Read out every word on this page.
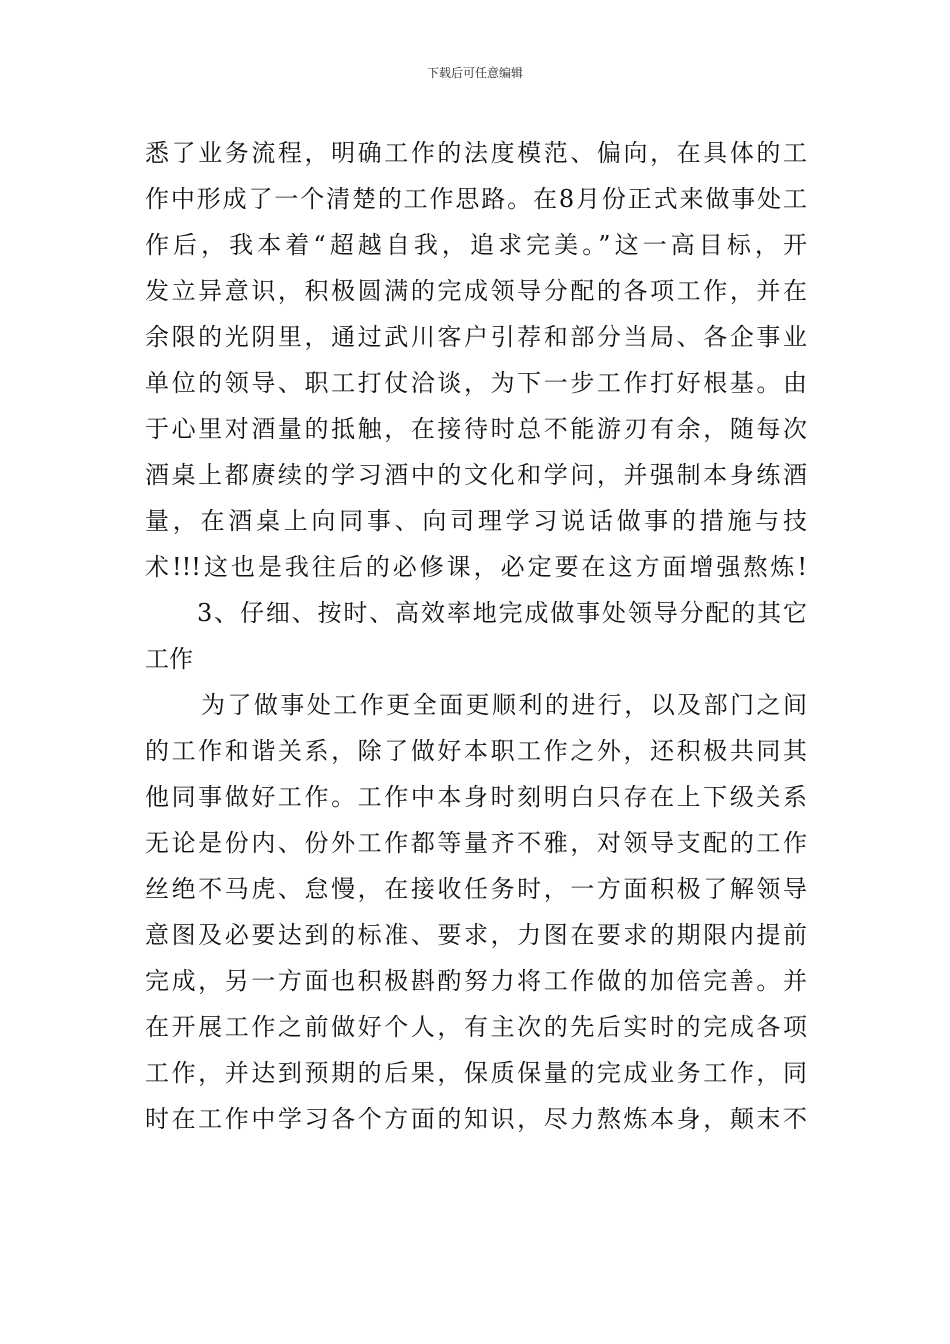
下载后可任意编辑
悉了业务流程，明确工作的法度模范、偏向，在具体的工
作中形成了一个清楚的工作思路。在8月份正式来做事处工
作后，我本着“超越自我，追求完美。”这一高目标，开
发立异意识，积极圆满的完成领导分配的各项工作，并在
余限的光阴里，通过武川客户引荐和部分当局、各企事业
单位的领导、职工打仗洽谈，为下一步工作打好根基。由
于心里对酒量的抵触，在接待时总不能游刃有余，随每次
酒桌上都赓续的学习酒中的文化和学问，并强制本身练酒
量，在酒桌上向同事、向司理学习说话做事的措施与技
术!!!这也是我往后的必修课，必定要在这方面增强熬炼!
3、仔细、按时、高效率地完成做事处领导分配的其它
工作
为了做事处工作更全面更顺利的进行，以及部门之间
的工作和谐关系，除了做好本职工作之外，还积极共同其
他同事做好工作。工作中本身时刻明白只存在上下级关系
无论是份内、份外工作都等量齐不雅，对领导支配的工作
丝绝不马虎、怠慢，在接收任务时，一方面积极了解领导
意图及必要达到的标准、要求，力图在要求的期限内提前
完成，另一方面也积极斟酌努力将工作做的加倍完善。并
在开展工作之前做好个人，有主次的先后实时的完成各项
工作，并达到预期的后果，保质保量的完成业务工作，同
时在工作中学习各个方面的知识，尽力熬炼本身，颠末不
